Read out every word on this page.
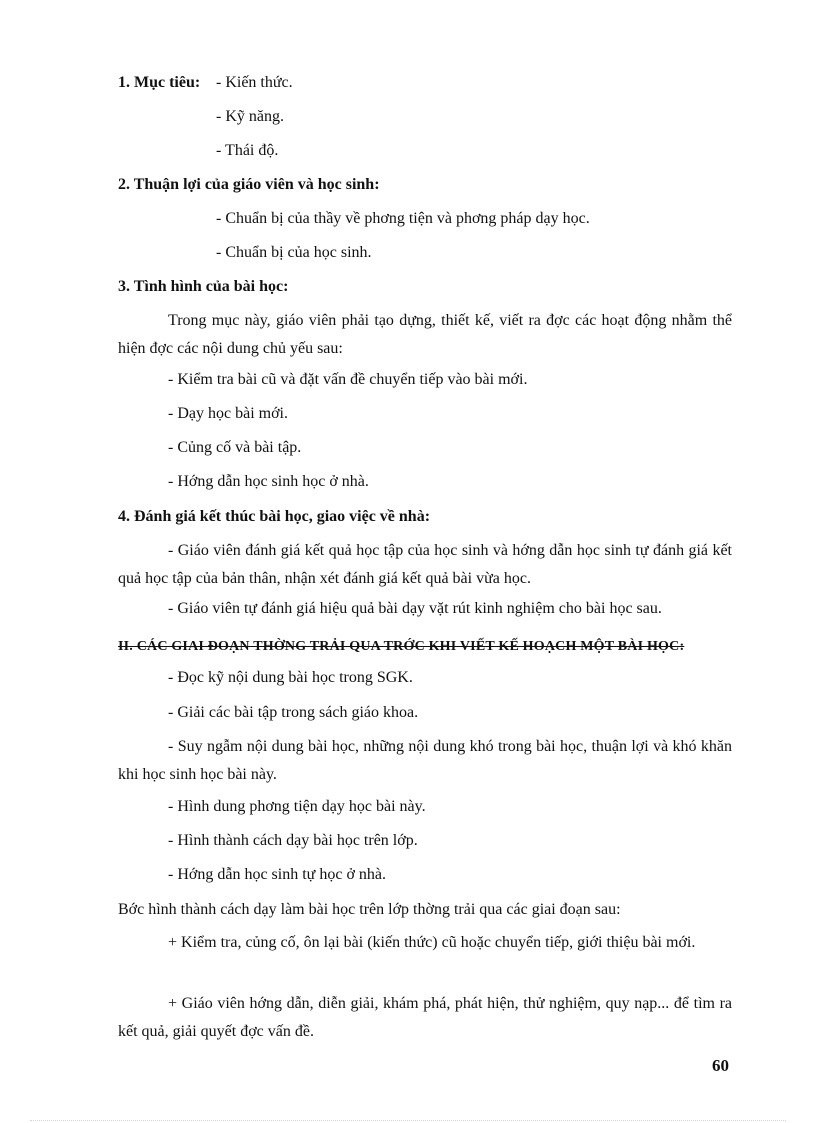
1. Mục tiêu: - Kiến thức.
- Kỹ năng.
- Thái độ.
2. Thuận lợi của giáo viên và học sinh:
- Chuẩn bị của thầy về phơng tiện và phơng pháp dạy học.
- Chuẩn bị của học sinh.
3. Tình hình của bài học:
Trong mục này, giáo viên phải tạo dựng, thiết kế, viết ra đợc các hoạt động nhằm thể hiện đợc các nội dung chủ yếu sau:
- Kiểm tra bài cũ và đặt vấn đề chuyển tiếp vào bài mới.
- Dạy học bài mới.
- Củng cố và bài tập.
- Hớng dẫn học sinh học ở nhà.
4. Đánh giá kết thúc bài học, giao việc về nhà:
- Giáo viên đánh giá kết quả học tập của học sinh và hớng dẫn học sinh tự đánh giá kết quả học tập của bản thân, nhận xét đánh giá kết quả bài vừa học.
- Giáo viên tự đánh giá hiệu quả bài dạy vặt rút kinh nghiệm cho bài học sau.
II. CÁC GIAI ĐOẠN THỜNG TRẢI QUA TRỚC KHI VIẾT KẾ HOẠCH MỘT BÀI HỌC:
- Đọc kỹ nội dung bài học trong SGK.
- Giải các bài tập trong sách giáo khoa.
- Suy ngẫm nội dung bài học, những nội dung khó trong bài học, thuận lợi và khó khăn khi học sinh học bài này.
- Hình dung phơng tiện dạy học bài này.
- Hình thành cách dạy bài học trên lớp.
- Hớng dẫn học sinh tự học ở nhà.
Bớc hình thành cách dạy làm bài học trên lớp thờng trải qua các giai đoạn sau:
+ Kiểm tra, củng cố, ôn lại bài (kiến thức) cũ hoặc chuyển tiếp, giới thiệu bài mới.
+ Giáo viên hớng dẫn, diễn giải, khám phá, phát hiện, thử nghiệm, quy nạp... để tìm ra kết quả, giải quyết đợc vấn đề.
60
